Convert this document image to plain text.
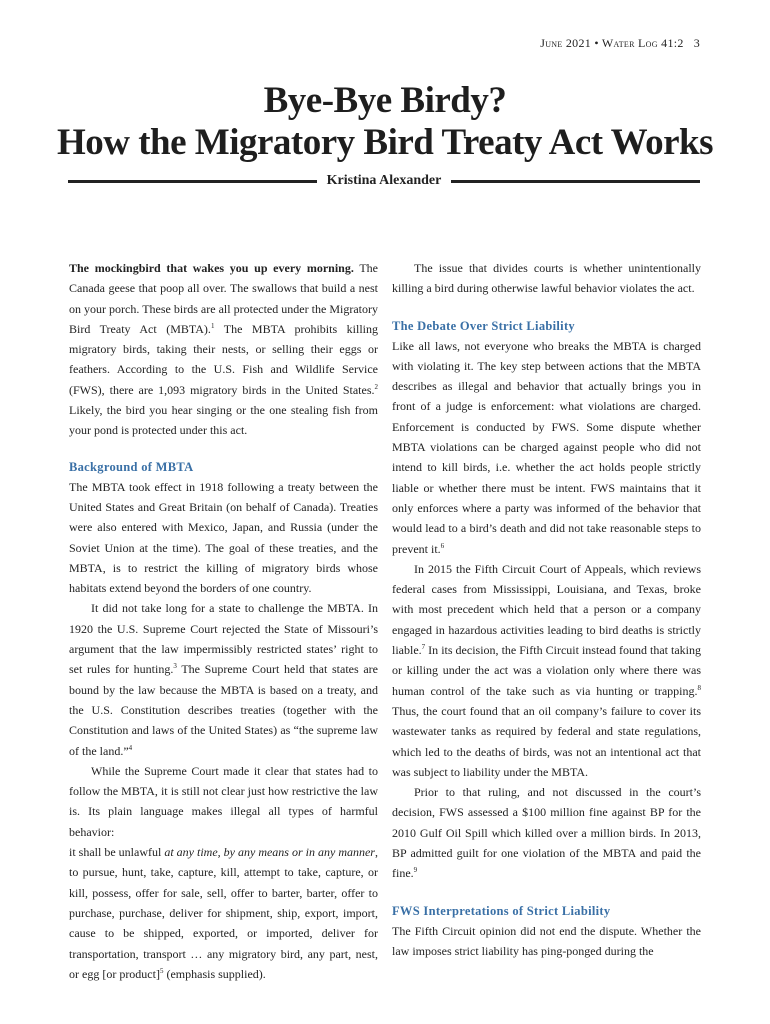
June 2021 • Water Log 41:2 3
Bye-Bye Birdy?
How the Migratory Bird Treaty Act Works
Kristina Alexander

The mockingbird that wakes you up every morning. The Canada geese that poop all over. The swallows that build a nest on your porch. These birds are all protected under the Migratory Bird Treaty Act (MBTA).$^1$ The MBTA prohibits killing migratory birds, taking their nests, or selling their eggs or feathers. According to the U.S. Fish and Wildlife Service (FWS), there are 1,093 migratory birds in the United States.$^2$ Likely, the bird you hear singing or the one stealing fish from your pond is protected under this act.

Background of MBTA

The MBTA took effect in 1918 following a treaty between the United States and Great Britain (on behalf of Canada). Treaties were also entered with Mexico, Japan, and Russia (under the Soviet Union at the time). The goal of these treaties, and the MBTA, is to restrict the killing of migratory birds whose habitats extend beyond the borders of one country.

It did not take long for a state to challenge the MBTA. In 1920 the U.S. Supreme Court rejected the State of Missouri’s argument that the law impermissibly restricted states’ right to set rules for hunting.$^3$ The Supreme Court held that states are bound by the law because the MBTA is based on a treaty, and the U.S. Constitution describes treaties (together with the Constitution and laws of the United States) as “the supreme law of the land.”$^4$

While the Supreme Court made it clear that states had to follow the MBTA, it is still not clear just how restrictive the law is. Its plain language makes illegal all types of harmful behavior:

it shall be unlawful at any time, by any means or in any manner, to pursue, hunt, take, capture, kill, attempt to take, capture, or kill, possess, offer for sale, sell, offer to barter, barter, offer to purchase, purchase, deliver for shipment, ship, export, import, cause to be shipped, exported, or imported, deliver for transportation, transport … any migratory bird, any part, nest, or egg [or product]$^5$ (emphasis supplied).

The issue that divides courts is whether unintentionally killing a bird during otherwise lawful behavior violates the act.

The Debate Over Strict Liability

Like all laws, not everyone who breaks the MBTA is charged with violating it. The key step between actions that the MBTA describes as illegal and behavior that actually brings you in front of a judge is enforcement: what violations are charged. Enforcement is conducted by FWS. Some dispute whether MBTA violations can be charged against people who did not intend to kill birds, i.e. whether the act holds people strictly liable or whether there must be intent. FWS maintains that it only enforces where a party was informed of the behavior that would lead to a bird’s death and did not take reasonable steps to prevent it.$^6$

In 2015 the Fifth Circuit Court of Appeals, which reviews federal cases from Mississippi, Louisiana, and Texas, broke with most precedent which held that a person or a company engaged in hazardous activities leading to bird deaths is strictly liable.$^7$ In its decision, the Fifth Circuit instead found that taking or killing under the act was a violation only where there was human control of the take such as via hunting or trapping.$^8$ Thus, the court found that an oil company’s failure to cover its wastewater tanks as required by federal and state regulations, which led to the deaths of birds, was not an intentional act that was subject to liability under the MBTA.

Prior to that ruling, and not discussed in the court’s decision, FWS assessed a $100 million fine against BP for the 2010 Gulf Oil Spill which killed over a million birds. In 2013, BP admitted guilt for one violation of the MBTA and paid the fine.$^9$

FWS Interpretations of Strict Liability

The Fifth Circuit opinion did not end the dispute. Whether the law imposes strict liability has ping-ponged during the
